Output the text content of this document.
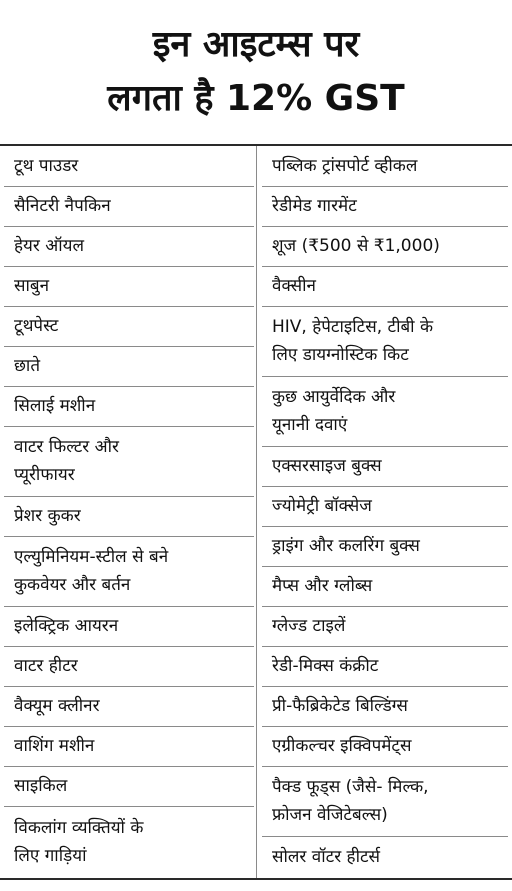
इन आइटम्स पर
लगता है 12% GST
टूथ पाउडर
सैनिटरी नैपकिन
हेयर ऑयल
साबुन
टूथपेस्ट
छाते
सिलाई मशीन
वाटर फिल्टर और
प्यूरीफायर
प्रेशर कुकर
एल्युमिनियम-स्टील से बने
कुकवेयर और बर्तन
इलेक्ट्रिक आयरन
वाटर हीटर
वैक्यूम क्लीनर
वाशिंग मशीन
साइकिल
विकलांग व्यक्तियों के
लिए गाड़ियां
पब्लिक ट्रांसपोर्ट व्हीकल
रेडीमेड गारमेंट
शूज (₹500 से ₹1,000)
वैक्सीन
HIV, हेपेटाइटिस, टीबी के
लिए डायग्नोस्टिक किट
कुछ आयुर्वेदिक और
यूनानी दवाएं
एक्सरसाइज बुक्स
ज्योमेट्री बॉक्सेज
ड्राइंग और कलरिंग बुक्स
मैप्स और ग्लोब्स
ग्लेज्ड टाइलें
रेडी-मिक्स कंक्रीट
प्री-फैब्रिकेटेड बिल्डिंग्स
एग्रीकल्चर इक्विपमेंट्स
पैक्ड फूड्स (जैसे- मिल्क,
फ्रोजन वेजिटेबल्स)
सोलर वॉटर हीटर्स
